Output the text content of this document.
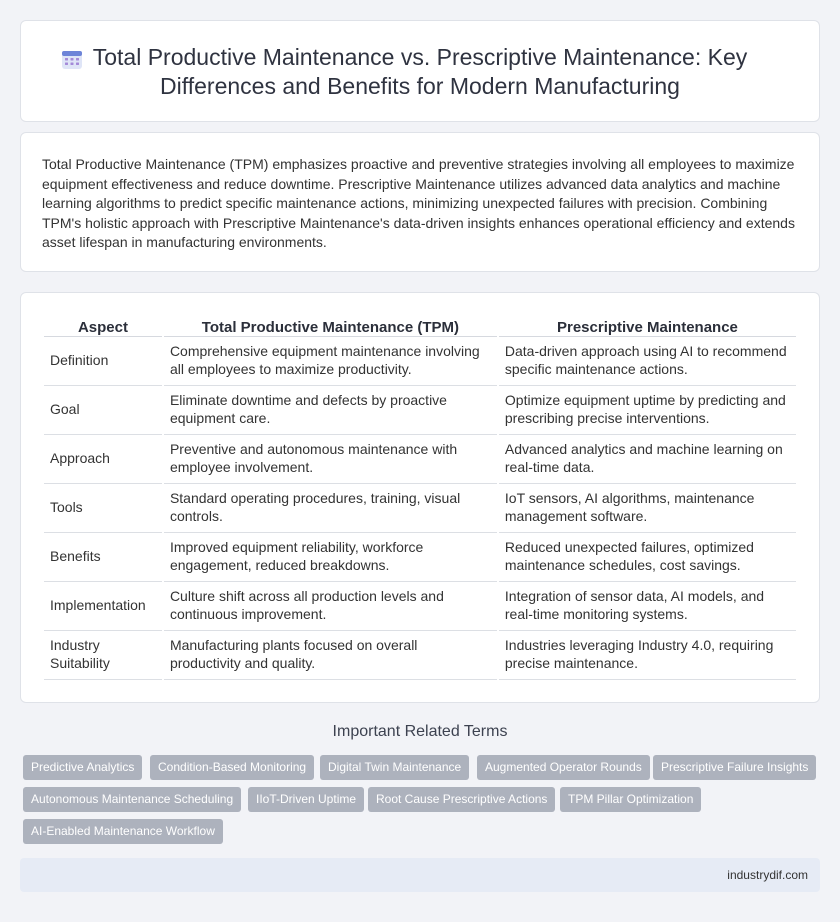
Total Productive Maintenance vs. Prescriptive Maintenance: Key Differences and Benefits for Modern Manufacturing

Total Productive Maintenance (TPM) emphasizes proactive and preventive strategies involving all employees to maximize equipment effectiveness and reduce downtime. Prescriptive Maintenance utilizes advanced data analytics and machine learning algorithms to predict specific maintenance actions, minimizing unexpected failures with precision. Combining TPM's holistic approach with Prescriptive Maintenance's data-driven insights enhances operational efficiency and extends asset lifespan in manufacturing environments.

Aspect	Total Productive Maintenance (TPM)	Prescriptive Maintenance
Definition	Comprehensive equipment maintenance involving all employees to maximize productivity.	Data-driven approach using AI to recommend specific maintenance actions.
Goal	Eliminate downtime and defects by proactive equipment care.	Optimize equipment uptime by predicting and prescribing precise interventions.
Approach	Preventive and autonomous maintenance with employee involvement.	Advanced analytics and machine learning on real-time data.
Tools	Standard operating procedures, training, visual controls.	IoT sensors, AI algorithms, maintenance management software.
Benefits	Improved equipment reliability, workforce engagement, reduced breakdowns.	Reduced unexpected failures, optimized maintenance schedules, cost savings.
Implementation	Culture shift across all production levels and continuous improvement.	Integration of sensor data, AI models, and real-time monitoring systems.
Industry Suitability	Manufacturing plants focused on overall productivity and quality.	Industries leveraging Industry 4.0, requiring precise maintenance.
Important Related Terms
Predictive Analytics	Condition-Based Monitoring	Digital Twin Maintenance	Augmented Operator Rounds	Prescriptive Failure Insights
Autonomous Maintenance Scheduling	IIoT-Driven Uptime	Root Cause Prescriptive Actions	TPM Pillar Optimization
AI-Enabled Maintenance Workflow
industrydif.com
